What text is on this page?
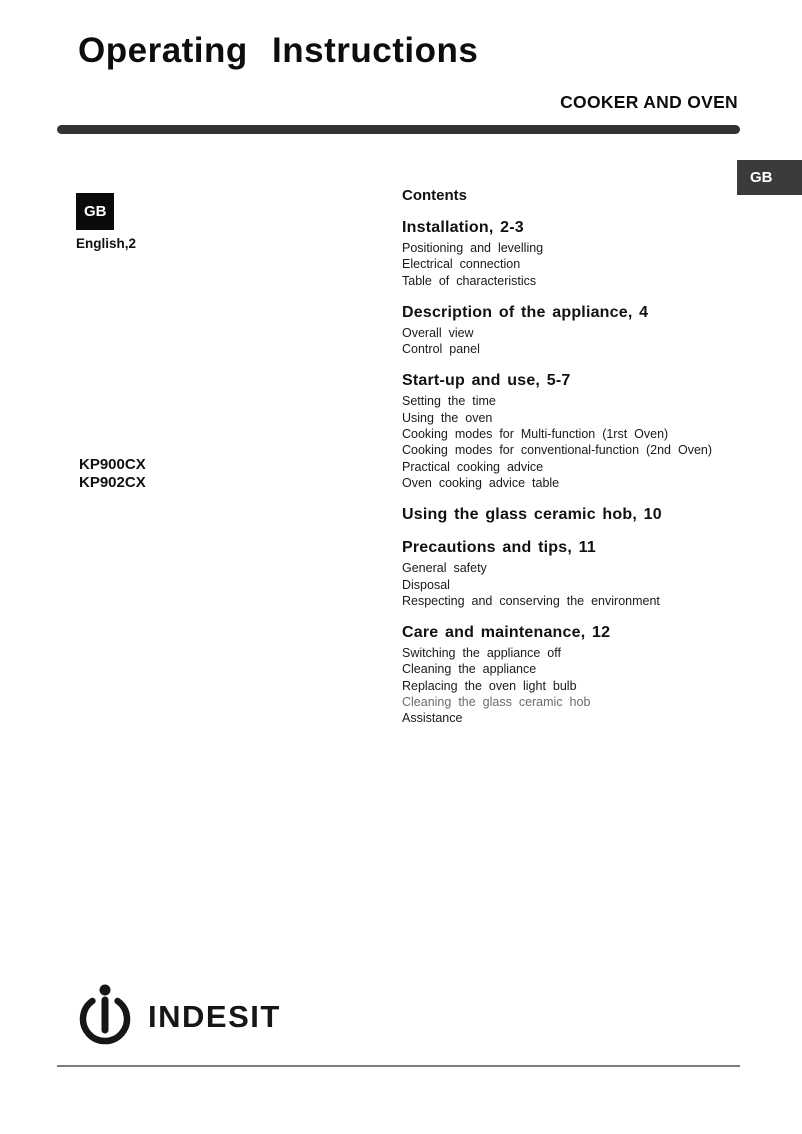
Operating Instructions
COOKER AND OVEN
GB
GB
English,2
KP900CX
KP902CX
Contents
Installation, 2-3
Positioning and levelling
Electrical connection
Table of characteristics
Description of the appliance, 4
Overall view
Control panel
Start-up and use, 5-7
Setting the time
Using the oven
Cooking modes for Multi-function (1rst Oven)
Cooking modes for conventional-function (2nd Oven)
Practical cooking advice
Oven cooking advice table
Using the glass ceramic hob, 10
Precautions and tips, 11
General safety
Disposal
Respecting and conserving the environment
Care and maintenance, 12
Switching the appliance off
Cleaning the appliance
Replacing the oven light bulb
Cleaning the glass ceramic hob
Assistance
INDESIT
